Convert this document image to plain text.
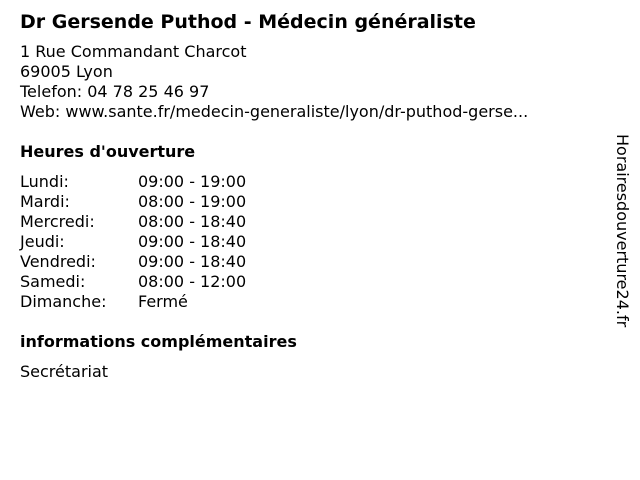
Dr Gersende Puthod - Médecin généraliste
1 Rue Commandant Charcot
69005 Lyon
Telefon: 04 78 25 46 97
Web: www.sante.fr/medecin-generaliste/lyon/dr-puthod-gerse...
Heures d'ouverture
Lundi:	09:00 - 19:00
Mardi:	08:00 - 19:00
Mercredi:	08:00 - 18:40
Jeudi:	09:00 - 18:40
Vendredi:	09:00 - 18:40
Samedi:	08:00 - 12:00
Dimanche:	Fermé
informations complémentaires
Secrétariat
Horairesdouverture24.fr
